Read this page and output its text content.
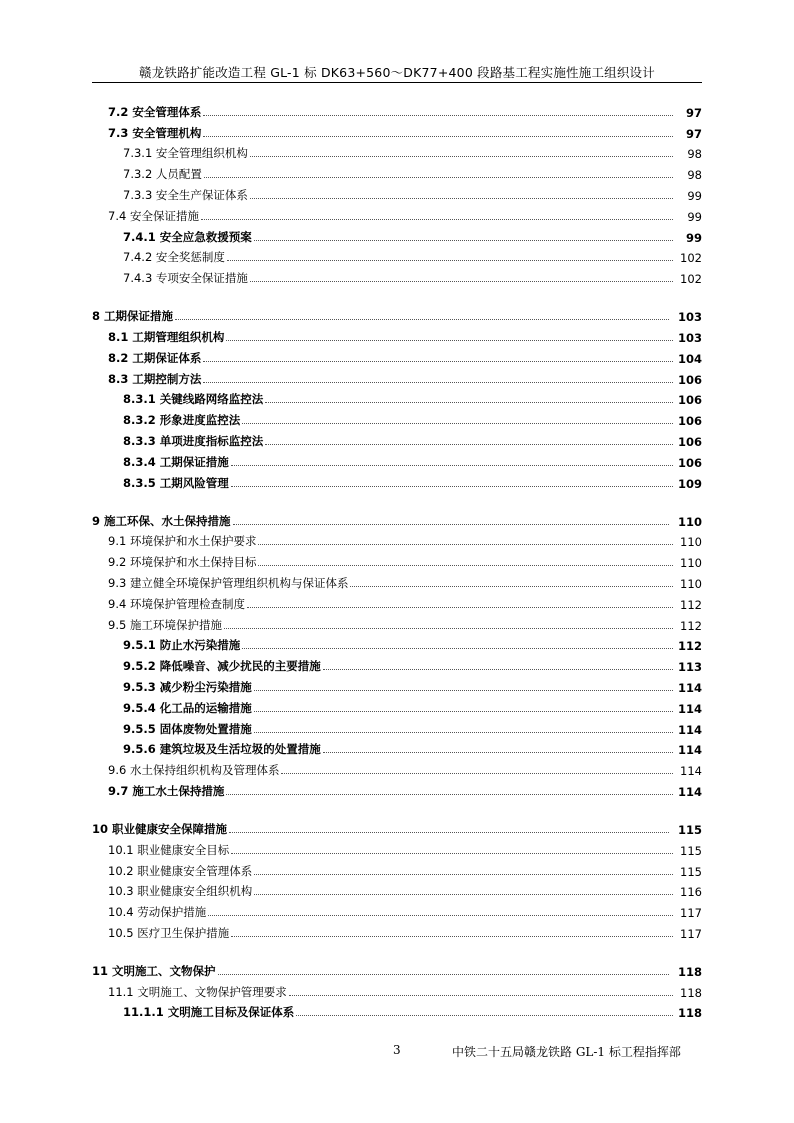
赣龙铁路扩能改造工程 GL-1 标 DK63+560～DK77+400 段路基工程实施性施工组织设计
7.2 安全管理体系	97
7.3 安全管理机构	97
7.3.1 安全管理组织机构	98
7.3.2 人员配置	98
7.3.3 安全生产保证体系	99
7.4 安全保证措施	99
7.4.1 安全应急救援预案	99
7.4.2 安全奖惩制度	102
7.4.3 专项安全保证措施	102
8 工期保证措施	103
8.1 工期管理组织机构	103
8.2 工期保证体系	104
8.3 工期控制方法	106
8.3.1 关键线路网络监控法	106
8.3.2 形象进度监控法	106
8.3.3 单项进度指标监控法	106
8.3.4 工期保证措施	106
8.3.5 工期风险管理	109
9 施工环保、水土保持措施	110
9.1 环境保护和水土保护要求	110
9.2 环境保护和水土保持目标	110
9.3 建立健全环境保护管理组织机构与保证体系	110
9.4 环境保护管理检查制度	112
9.5 施工环境保护措施	112
9.5.1 防止水污染措施	112
9.5.2 降低噪音、减少扰民的主要措施	113
9.5.3 减少粉尘污染措施	114
9.5.4 化工品的运输措施	114
9.5.5 固体废物处置措施	114
9.5.6 建筑垃圾及生活垃圾的处置措施	114
9.6 水土保持组织机构及管理体系	114
9.7 施工水土保持措施	114
10 职业健康安全保障措施	115
10.1 职业健康安全目标	115
10.2 职业健康安全管理体系	115
10.3 职业健康安全组织机构	116
10.4 劳动保护措施	117
10.5 医疗卫生保护措施	117
11 文明施工、文物保护	118
11.1 文明施工、文物保护管理要求	118
11.1.1 文明施工目标及保证体系	118
3	中铁二十五局赣龙铁路 GL-1 标工程指挥部
